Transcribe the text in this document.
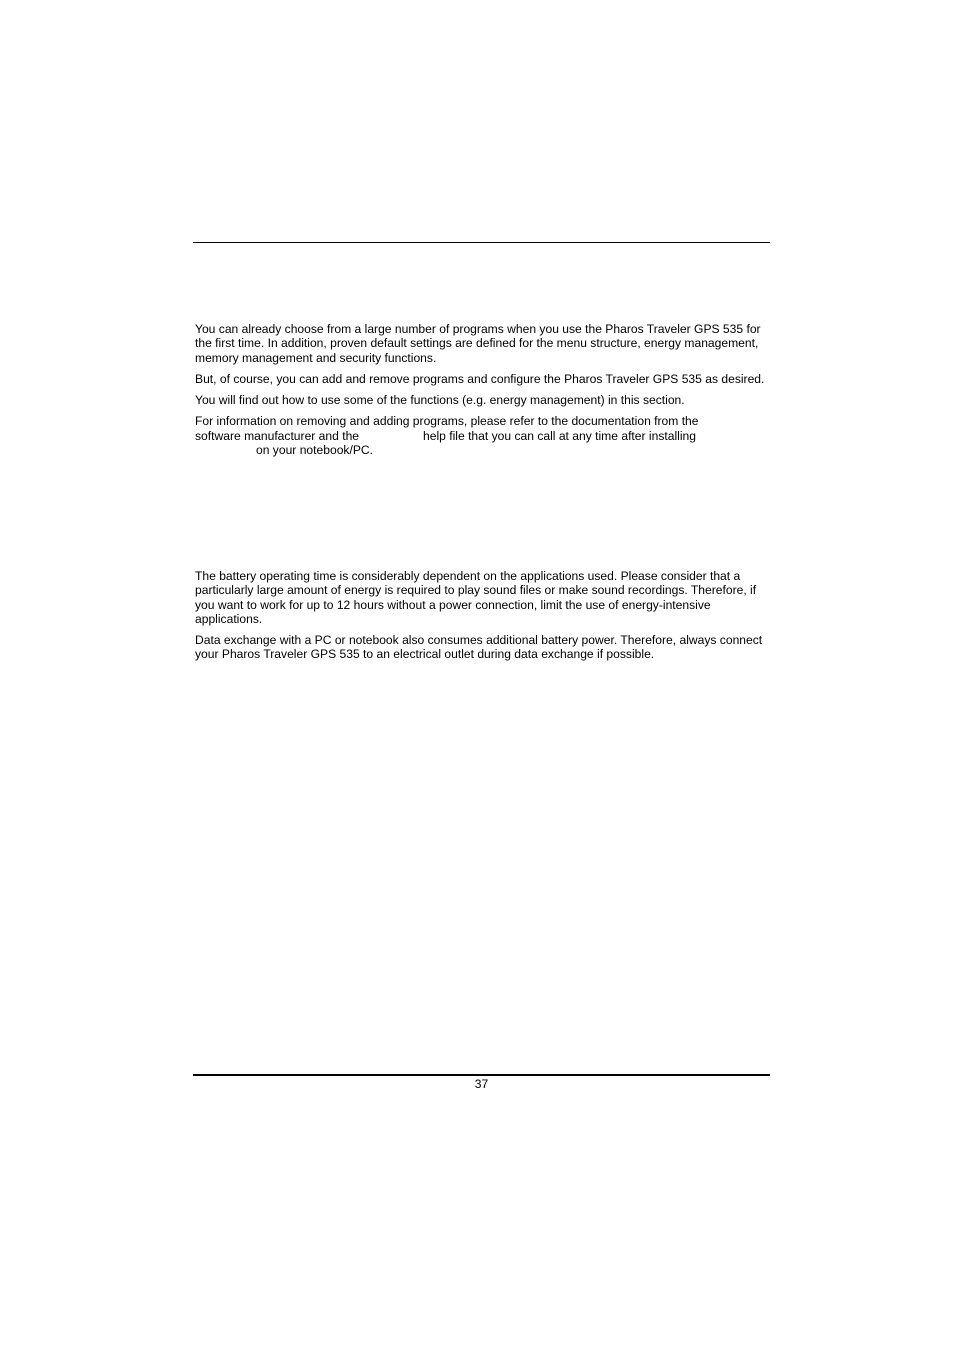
You can already choose from a large number of programs when you use the Pharos Traveler GPS 535 for the first time. In addition, proven default settings are defined for the menu structure, energy management, memory management and security functions.

But, of course, you can add and remove programs and configure the Pharos Traveler GPS 535 as desired.

You will find out how to use some of the functions (e.g. energy management) in this section.

For information on removing and adding programs, please refer to the documentation from the
software manufacturer and the	help file that you can call at any time after installing
on your notebook/PC.

The battery operating time is considerably dependent on the applications used. Please consider that a particularly large amount of energy is required to play sound files or make sound recordings. Therefore, if you want to work for up to 12 hours without a power connection, limit the use of energy-intensive applications.

Data exchange with a PC or notebook also consumes additional battery power. Therefore, always connect your Pharos Traveler GPS 535 to an electrical outlet during data exchange if possible.

37
